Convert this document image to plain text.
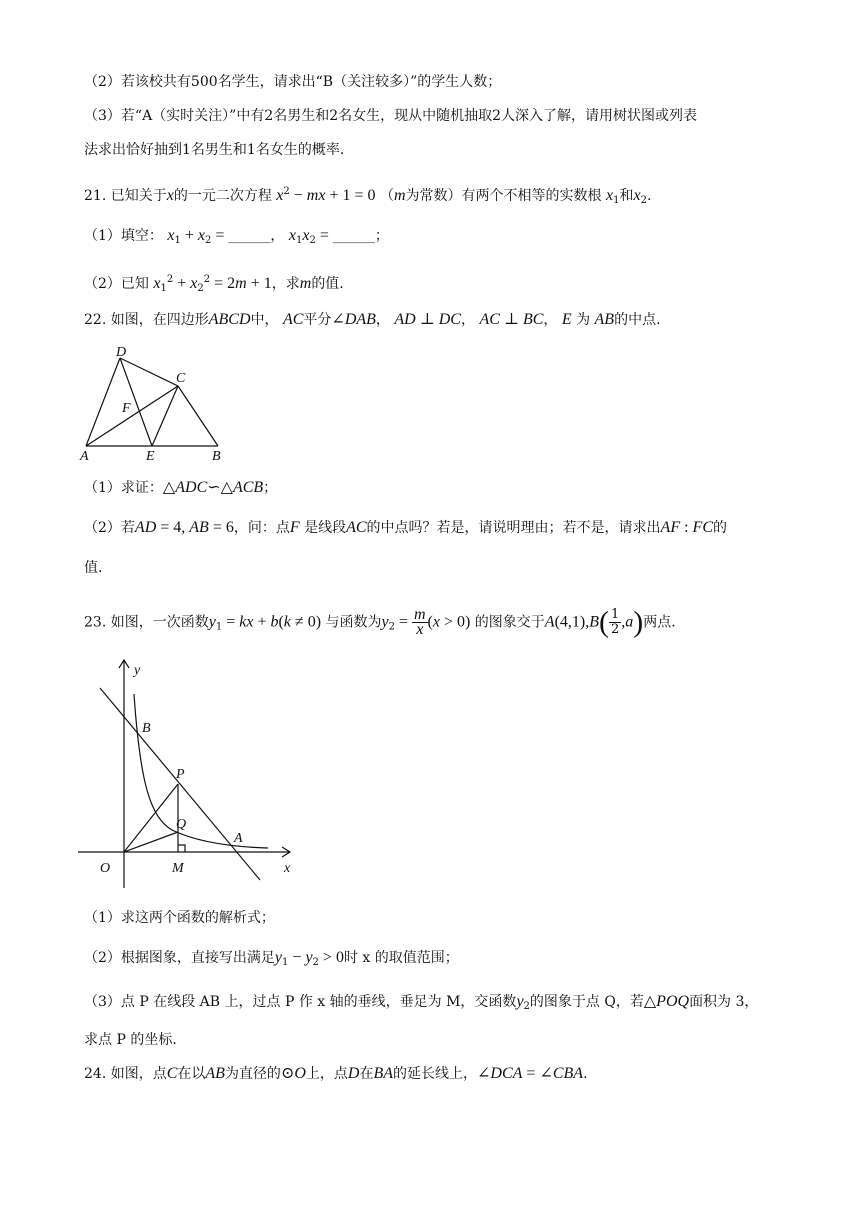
（2）若该校共有500名学生，请求出“B（关注较多）”的学生人数；
（3）若“A（实时关注）”中有2名男生和2名女生，现从中随机抽取2人深入了解，请用树状图或列表
法求出恰好抽到1名男生和1名女生的概率.
21. 已知关于x的一元二次方程 $x^2$ − mx + 1 = 0 （m为常数）有两个不相等的实数根 $x_1$和$x_2$.
（1）填空： $x_1 + x_2$ = ______， $x_1x_2$ = ______；
（2）已知 $x_1^2 + x_2^2 = 2m + 1$，求m的值.
22. 如图，在四边形ABCD中， AC平分∠DAB， AD ⊥ DC， AC ⊥ BC， E 为 AB的中点.
D
C
F
A	E	B
（1）求证：△ADC∽△ACB；
（2）若AD = 4, AB = 6，问：点F 是线段AC的中点吗？若是，请说明理由；若不是，请求出AF : FC的
值.
23. 如图，一次函数$y_1$ = kx + b(k ≠ 0) 与函数为$y_2 = \frac{m}{x} (x > 0)$ 的图象交于$A(4,1),B( \frac{1}{2} ,a)$两点.
y
x
O	M
P
Q
A
B
（1）求这两个函数的解析式；
（2）根据图象，直接写出满足$y_1 - y_2 > 0$时 x 的取值范围；
（3）点 P 在线段 AB 上，过点 P 作 x 轴的垂线，垂足为 M，交函数$y_2$的图象于点 Q，若△POQ面积为 3，
求点 P 的坐标.
24. 如图，点C在以AB为直径的⊙O上，点D在BA的延长线上，∠DCA = ∠CBA.
